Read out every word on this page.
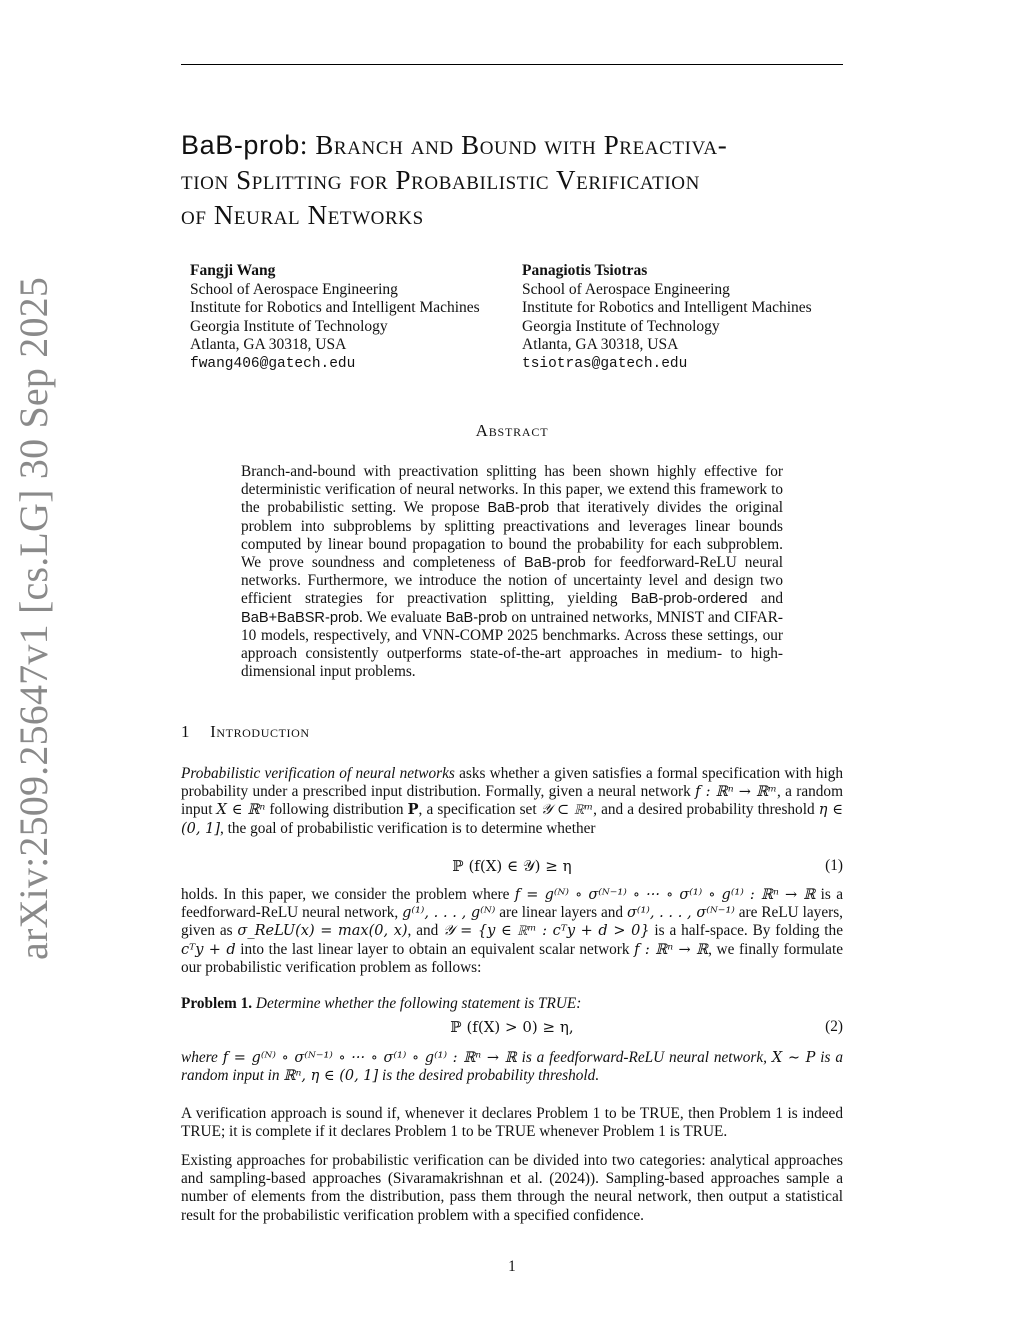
arXiv:2509.25647v1 [cs.LG] 30 Sep 2025
BaB-prob: Branch and Bound with Preactiva-
tion Splitting for Probabilistic Verification
of Neural Networks
Fangji Wang
School of Aerospace Engineering
Institute for Robotics and Intelligent Machines
Georgia Institute of Technology
Atlanta, GA 30318, USA
fwang406@gatech.edu
Panagiotis Tsiotras
School of Aerospace Engineering
Institute for Robotics and Intelligent Machines
Georgia Institute of Technology
Atlanta, GA 30318, USA
tsiotras@gatech.edu
Abstract
Branch-and-bound with preactivation splitting has been shown highly effective for deterministic verification of neural networks. In this paper, we extend this framework to the probabilistic setting. We propose BaB-prob that iteratively divides the original problem into subproblems by splitting preactivations and leverages linear bounds computed by linear bound propagation to bound the probability for each subproblem. We prove soundness and completeness of BaB-prob for feedforward-ReLU neural networks. Furthermore, we introduce the notion of uncertainty level and design two efficient strategies for preactivation splitting, yielding BaB-prob-ordered and BaB+BaBSR-prob. We evaluate BaB-prob on untrained networks, MNIST and CIFAR-10 models, respectively, and VNN-COMP 2025 benchmarks. Across these settings, our approach consistently outperforms state-of-the-art approaches in medium- to high-dimensional input problems.
1 Introduction
Probabilistic verification of neural networks asks whether a given satisfies a formal specification with high probability under a prescribed input distribution. Formally, given a neural network f : ℝⁿ → ℝᵐ, a random input X ∈ ℝⁿ following distribution P, a specification set 𝒴 ⊂ ℝᵐ, and a desired probability threshold η ∈ (0, 1], the goal of probabilistic verification is to determine whether
ℙ (f(X) ∈ 𝒴) ≥ η	(1)
holds. In this paper, we consider the problem where f = g⁽ᴺ⁾ ∘ σ⁽ᴺ⁻¹⁾ ∘ ··· ∘ σ⁽¹⁾ ∘ g⁽¹⁾ : ℝⁿ → ℝ is a feedforward-ReLU neural network, g⁽¹⁾, . . . , g⁽ᴺ⁾ are linear layers and σ⁽¹⁾, . . . , σ⁽ᴺ⁻¹⁾ are ReLU layers, given as σ_ReLU(x) = max(0, x), and 𝒴 = {y ∈ ℝᵐ : cᵀy + d > 0} is a half-space. By folding the cᵀy + d into the last linear layer to obtain an equivalent scalar network f : ℝⁿ → ℝ, we finally formulate our probabilistic verification problem as follows:

Problem 1. Determine whether the following statement is TRUE:
ℙ (f(X) > 0) ≥ η,	(2)
where f = g⁽ᴺ⁾ ∘ σ⁽ᴺ⁻¹⁾ ∘ ··· ∘ σ⁽¹⁾ ∘ g⁽¹⁾ : ℝⁿ → ℝ is a feedforward-ReLU neural network, X ∼ P is a random input in ℝⁿ, η ∈ (0, 1] is the desired probability threshold.
A verification approach is sound if, whenever it declares Problem 1 to be TRUE, then Problem 1 is indeed TRUE; it is complete if it declares Problem 1 to be TRUE whenever Problem 1 is TRUE.
Existing approaches for probabilistic verification can be divided into two categories: analytical approaches and sampling-based approaches (Sivaramakrishnan et al. (2024)). Sampling-based approaches sample a number of elements from the distribution, pass them through the neural network, then output a statistical result for the probabilistic verification problem with a specified confidence.
1
